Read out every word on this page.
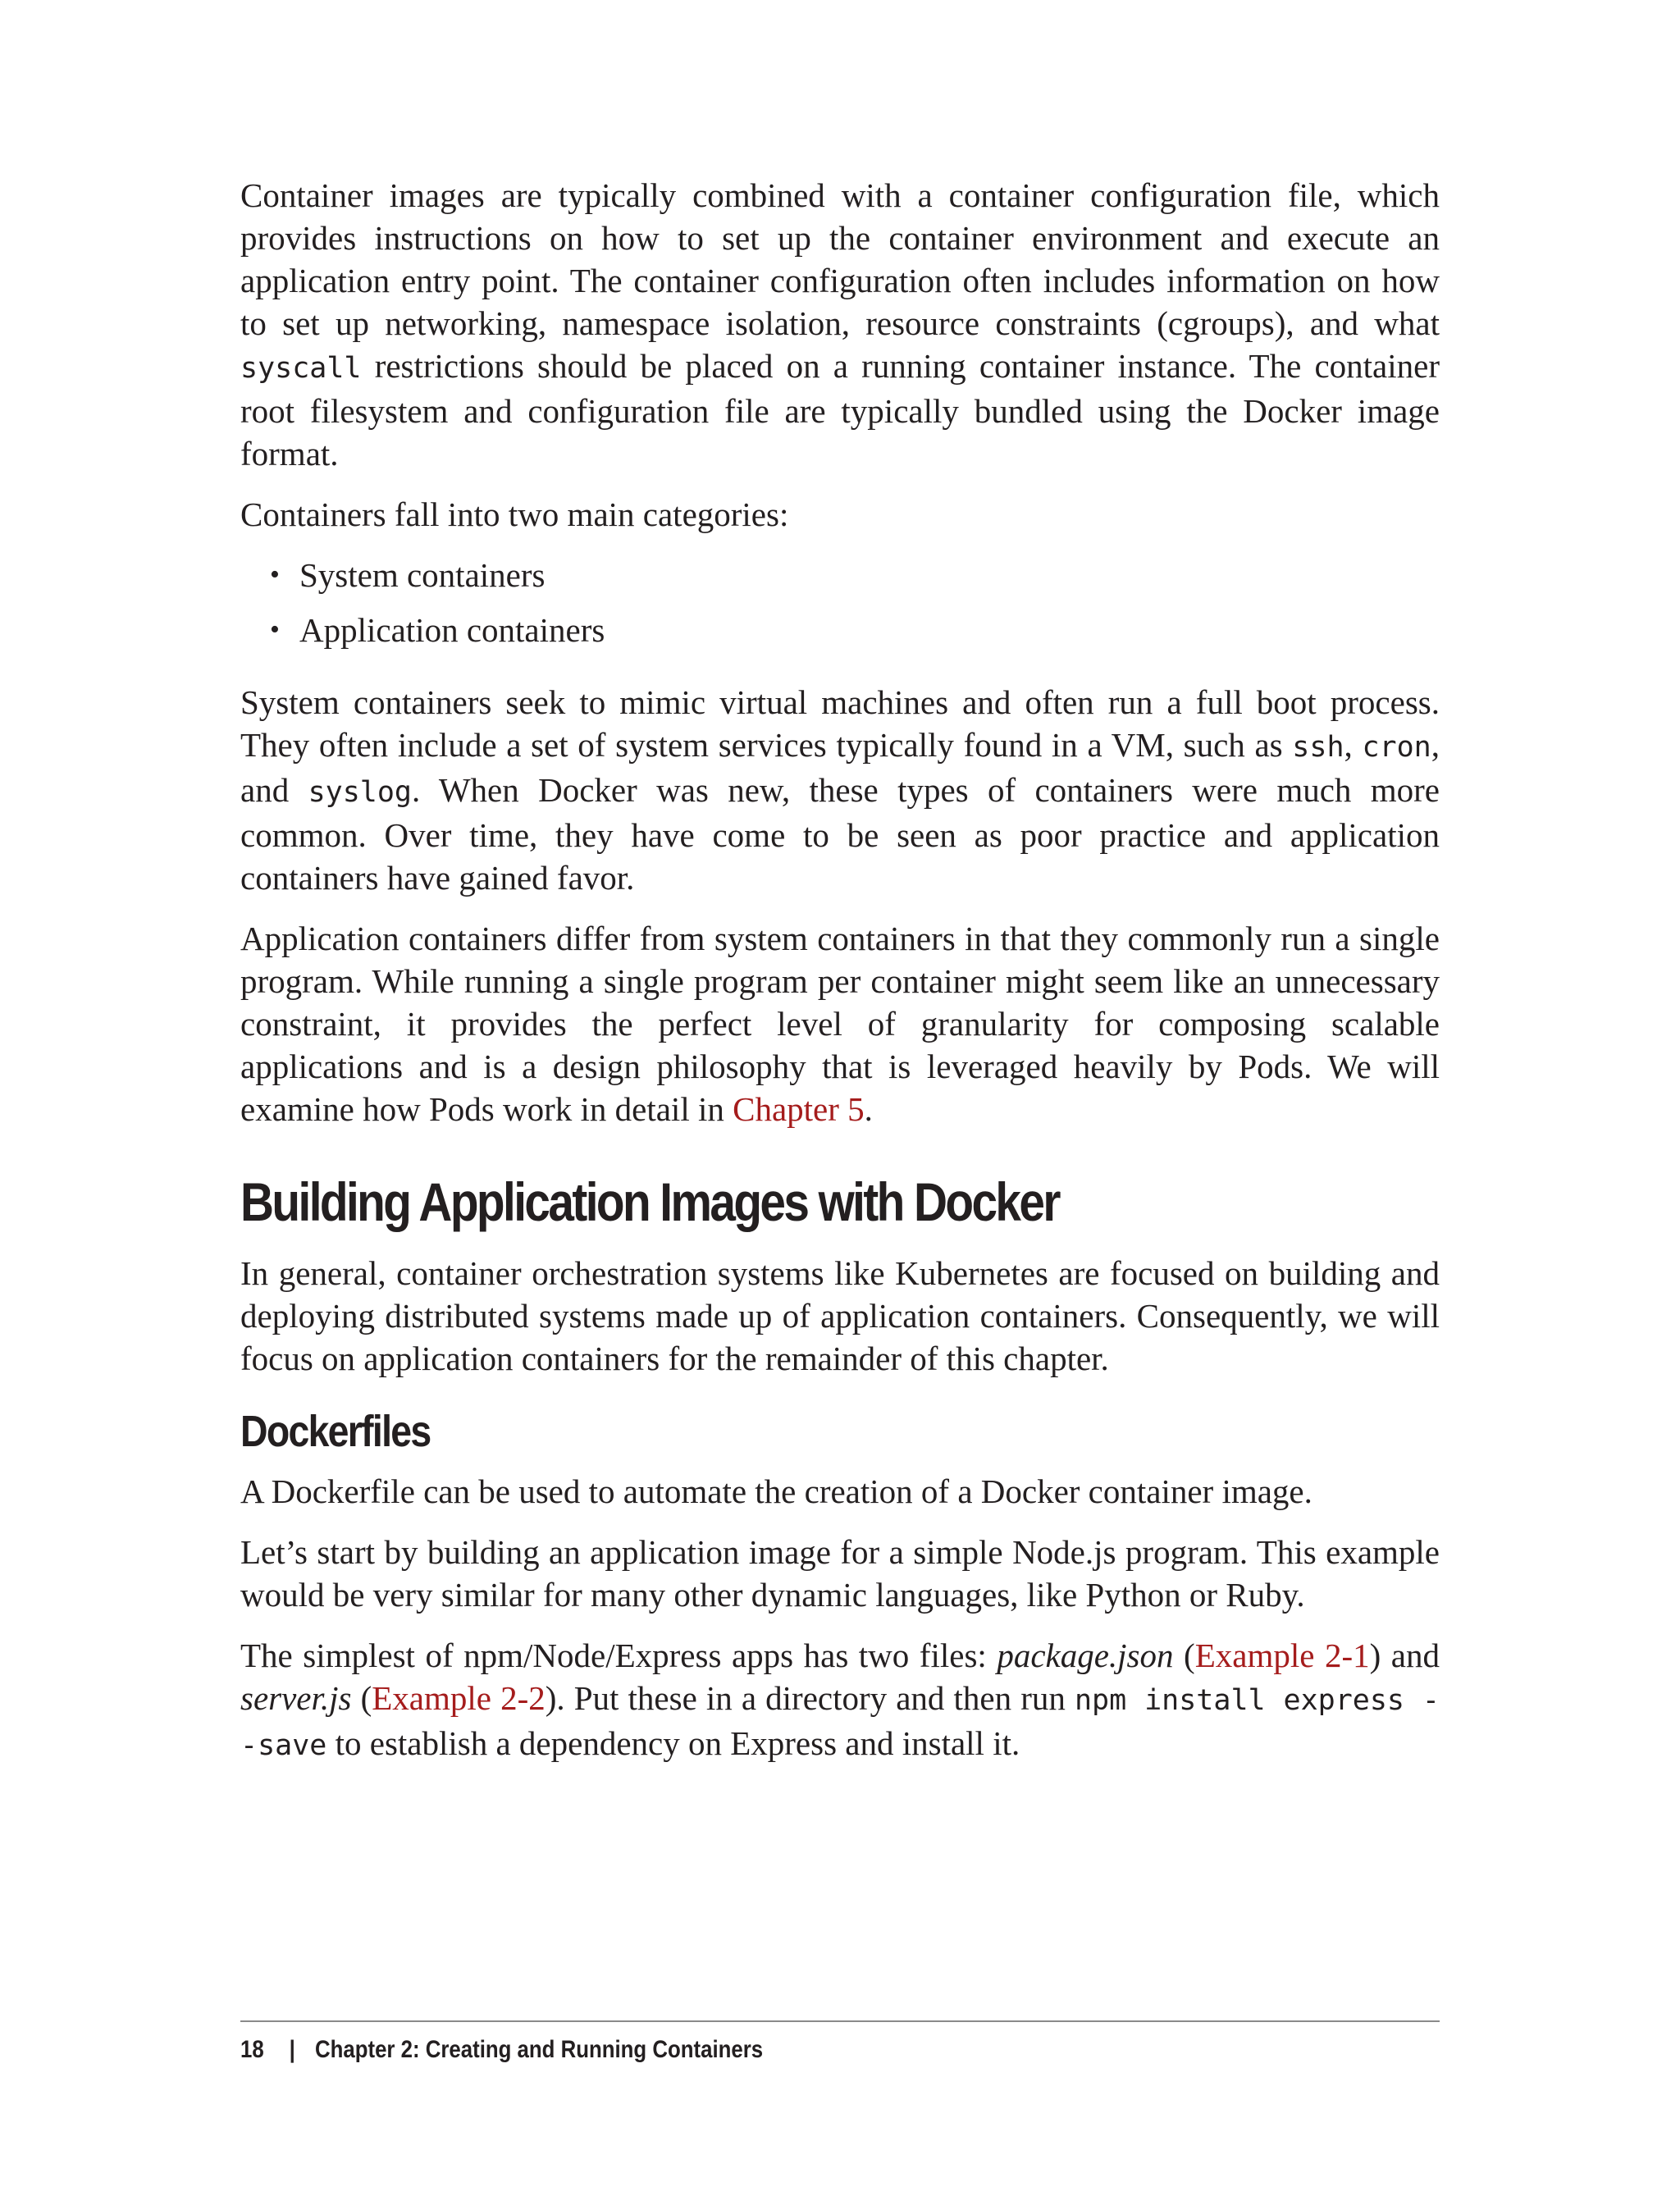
Container images are typically combined with a container configuration file, which provides instructions on how to set up the container environment and execute an application entry point. The container configuration often includes information on how to set up networking, namespace isolation, resource constraints (cgroups), and what syscall restrictions should be placed on a running container instance. The container root filesystem and configuration file are typically bundled using the Docker image format.

Containers fall into two main categories:

• System containers
• Application containers

System containers seek to mimic virtual machines and often run a full boot process. They often include a set of system services typically found in a VM, such as ssh, cron, and syslog. When Docker was new, these types of containers were much more common. Over time, they have come to be seen as poor practice and application containers have gained favor.

Application containers differ from system containers in that they commonly run a single program. While running a single program per container might seem like an unnecessary constraint, it provides the perfect level of granularity for composing scalable applications and is a design philosophy that is leveraged heavily by Pods. We will examine how Pods work in detail in Chapter 5.

Building Application Images with Docker

In general, container orchestration systems like Kubernetes are focused on building and deploying distributed systems made up of application containers. Consequently, we will focus on application containers for the remainder of this chapter.

Dockerfiles

A Dockerfile can be used to automate the creation of a Docker container image.

Let’s start by building an application image for a simple Node.js program. This example would be very similar for many other dynamic languages, like Python or Ruby.

The simplest of npm/Node/Express apps has two files: package.json (Example 2-1) and server.js (Example 2-2). Put these in a directory and then run npm install express --save to establish a dependency on Express and install it.

18 | Chapter 2: Creating and Running Containers
